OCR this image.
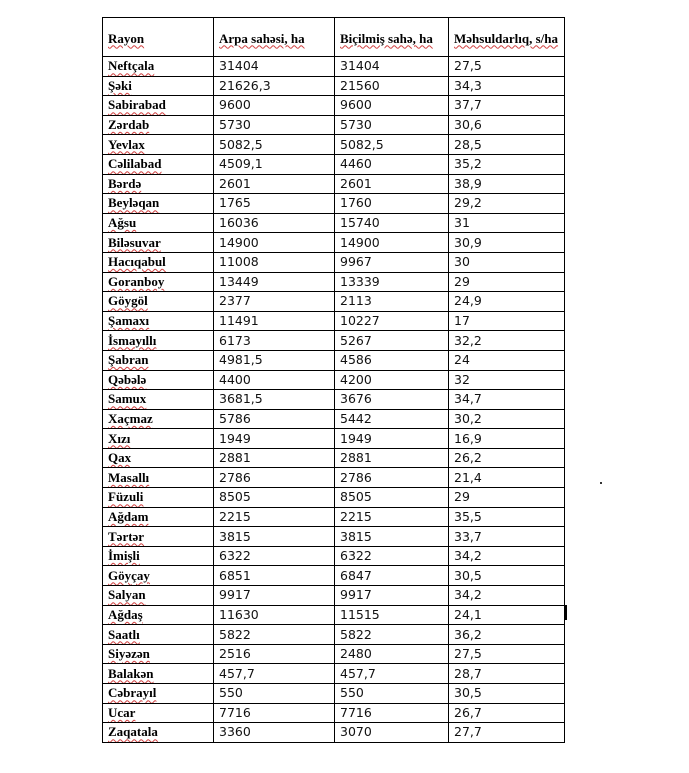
Rayon	Arpa sahəsi, ha	Biçilmiş sahə, ha	Məhsuldarlıq, s/ha
Neftçala	31404	31404	27,5
Şəki	21626,3	21560	34,3
Sabirabad	9600	9600	37,7
Zərdab	5730	5730	30,6
Yevlax	5082,5	5082,5	28,5
Cəlilabad	4509,1	4460	35,2
Bərdə	2601	2601	38,9
Beyləqan	1765	1760	29,2
Ağsu	16036	15740	31
Biləsuvar	14900	14900	30,9
Hacıqabul	11008	9967	30
Goranboy	13449	13339	29
Göygöl	2377	2113	24,9
Şamaxı	11491	10227	17
İsmayıllı	6173	5267	32,2
Şabran	4981,5	4586	24
Qəbələ	4400	4200	32
Samux	3681,5	3676	34,7
Xaçmaz	5786	5442	30,2
Xızı	1949	1949	16,9
Qax	2881	2881	26,2
Masallı	2786	2786	21,4
Füzuli	8505	8505	29
Ağdam	2215	2215	35,5
Tərtər	3815	3815	33,7
İmişli	6322	6322	34,2
Göyçay	6851	6847	30,5
Salyan	9917	9917	34,2
Ağdaş	11630	11515	24,1
Saatlı	5822	5822	36,2
Siyəzən	2516	2480	27,5
Balakən	457,7	457,7	28,7
Cəbrayıl	550	550	30,5
Ucar	7716	7716	26,7
Zaqatala	3360	3070	27,7
